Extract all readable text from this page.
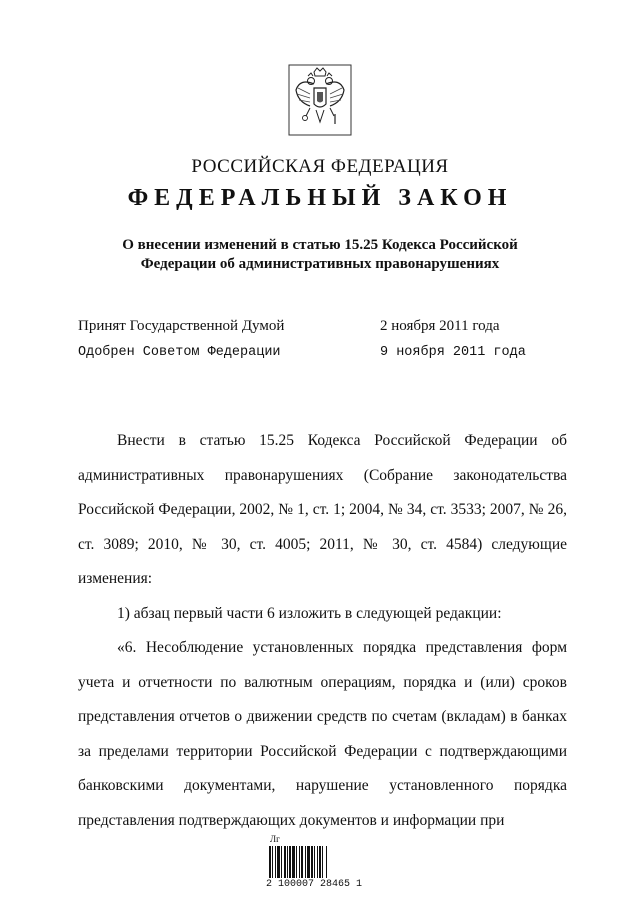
РОССИЙСКАЯ ФЕДЕРАЦИЯ
ФЕДЕРАЛЬНЫЙ ЗАКОН
О внесении изменений в статью 15.25 Кодекса Российской
Федерации об административных правонарушениях
Принят Государственной Думой	2 ноября 2011 года
Одобрен Советом Федерации	9 ноября 2011 года

Внести в статью 15.25 Кодекса Российской Федерации об административных правонарушениях (Собрание законодательства Российской Федерации, 2002, № 1, ст. 1; 2004, № 34, ст. 3533; 2007, № 26, ст. 3089; 2010, № 30, ст. 4005; 2011, № 30, ст. 4584) следующие изменения:

1) абзац первый части 6 изложить в следующей редакции:

«6. Несоблюдение установленных порядка представления форм учета и отчетности по валютным операциям, порядка и (или) сроков представления отчетов о движении средств по счетам (вкладам) в банках за пределами территории Российской Федерации с подтверждающими банковскими документами, нарушение установленного порядка представления подтверждающих документов и информации при

Лг
2 100007 28465 1
